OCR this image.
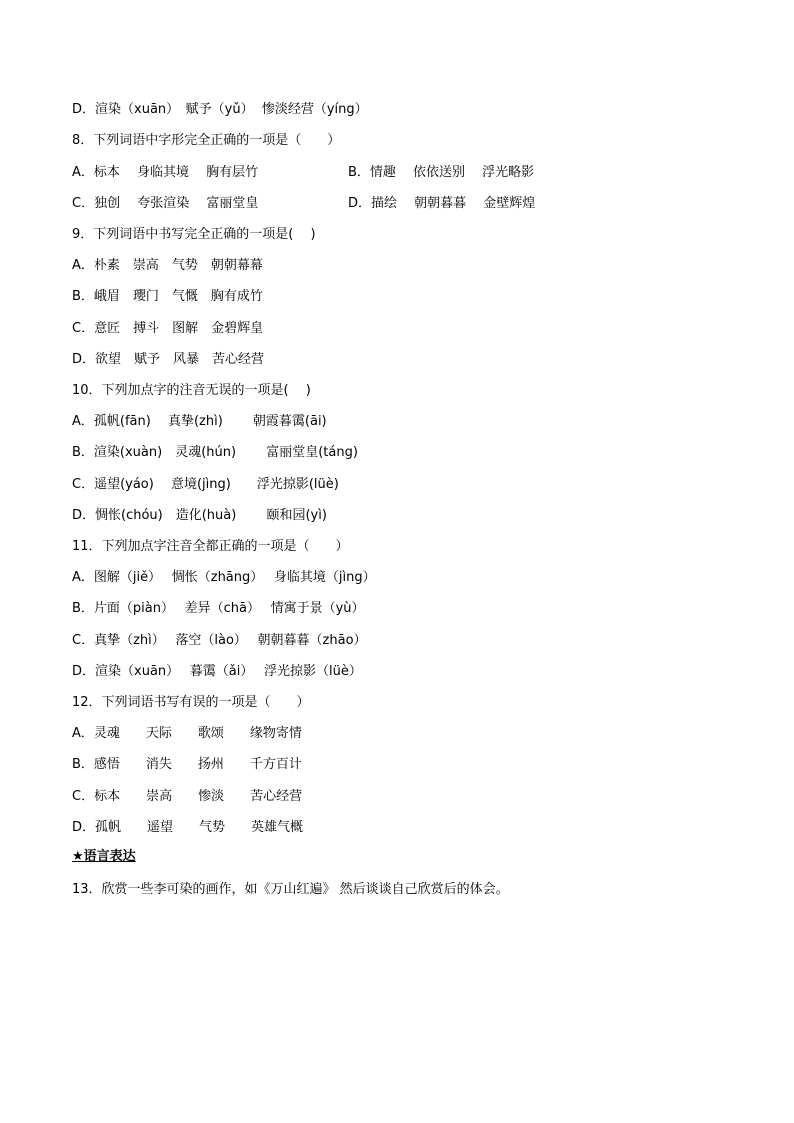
D．渲染（xuān）　赋予（yǔ）  惨淡经营（yíng）
8．下列词语中字形完全正确的一项是（　　）
A．标本　 身临其境　 胸有层竹	B．情趣　 依依送别　 浮光略影
C．独创　 夸张渲染　 富丽堂皇	D．描绘　 朝朝暮暮　 金壁辉煌
9．下列词语中书写完全正确的一项是(　 )
A．朴素　崇高　气势　朝朝幕幕
B．峨眉　瓔门　气慨　胸有成竹
C．意匠　搏斗　图解　金碧辉皇
D．欲望　赋予　风暴　苦心经营
10．下列加点字的注音无误的一项是(　 )
A．孤帆(fān)　 真挚(zhì)　　 朝霞暮霭(āi)
B．渲染(xuàn)　灵魂(hún)　　 富丽堂皇(táng)
C．遥望(yáo)　 意境(jìng)　　浮光掠影(lüè)
D．惆怅(chóu)　造化(huà)　　 颐和园(yì)
11．下列加点字注音全都正确的一项是（　　）
A．图解（jiě）　 惆怅（zhāng）　 身临其境（jìng）
B．片面（piàn）　 差异（chā）　 情寓于景（yù）
C．真挚（zhì）　 落空（lào）　 朝朝暮暮（zhāo）
D．渲染（xuān）　 暮霭（ǎi）　 浮光掠影（lüè）
12．下列词语书写有误的一项是（　　）
A．灵魂　　天际　　歌颂　　缘物寄情
B．感悟　　消失　　扬州　　千方百计
C．标本　　崇高　　惨淡　　苦心经营
D．孤帆　　遥望　　气势　　英雄气概
★语言表达
13．欣赏一些李可染的画作，如《万山红遍》 然后谈谈自己欣赏后的体会。
